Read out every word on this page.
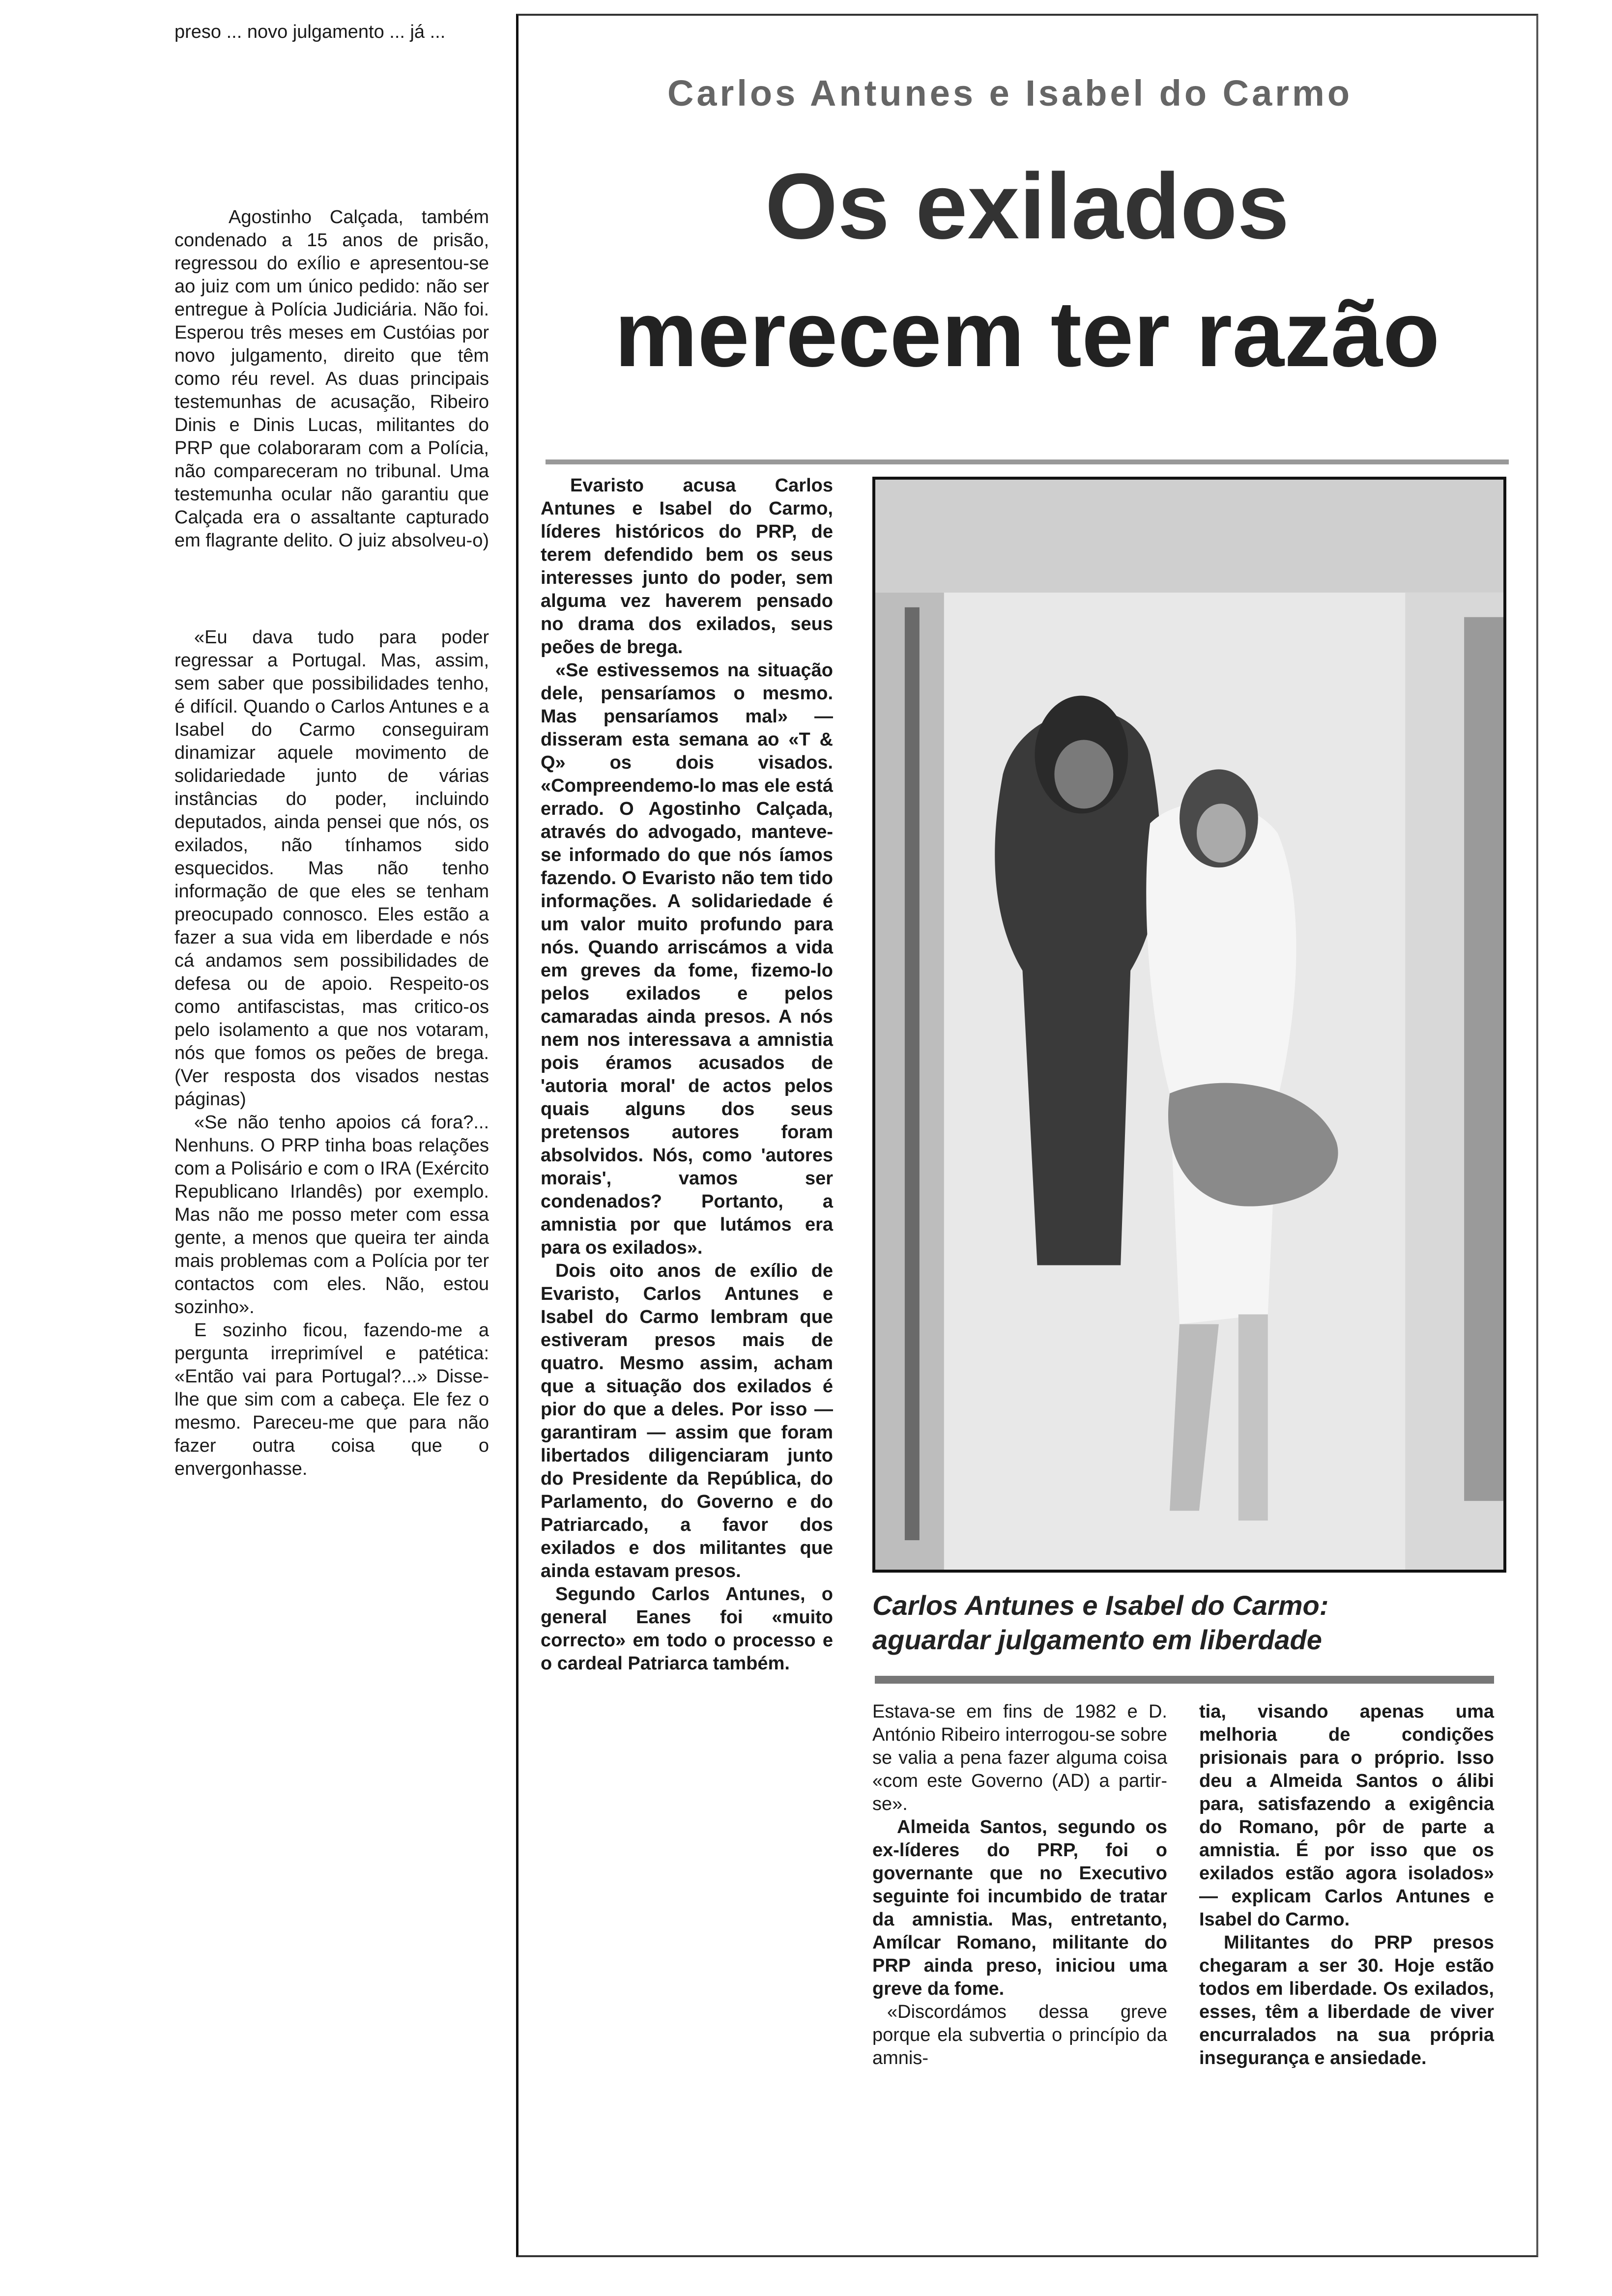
preso ... novo julgamento ... já ...

Agostinho Calçada, também condenado a 15 anos de prisão, regressou do exílio e apresentou-se ao juiz com um único pedido: não ser entregue à Polícia Judiciária. Não foi. Esperou três meses em Custóias por novo julgamento, direito que têm como réu revel. As duas principais testemunhas de acusação, Ribeiro Dinis e Dinis Lucas, militantes do PRP que colaboraram com a Polícia, não compareceram no tribunal. Uma testemunha ocular não garantiu que Calçada era o assaltante capturado em flagrante delito. O juiz absolveu-o)

«Eu dava tudo para poder regressar a Portugal. Mas, assim, sem saber que possibilidades tenho, é difícil. Quando o Carlos Antunes e a Isabel do Carmo conseguiram dinamizar aquele movimento de solidariedade junto de várias instâncias do poder, incluindo deputados, ainda pensei que nós, os exilados, não tínhamos sido esquecidos. Mas não tenho informação de que eles se tenham preocupado connosco. Eles estão a fazer a sua vida em liberdade e nós cá andamos sem possibilidades de defesa ou de apoio. Respeito-os como antifascistas, mas critico-os pelo isolamento a que nos votaram, nós que fomos os peões de brega. (Ver resposta dos visados nestas páginas)

«Se não tenho apoios cá fora?... Nenhuns. O PRP tinha boas relações com a Polisário e com o IRA (Exército Republicano Irlandês) por exemplo. Mas não me posso meter com essa gente, a menos que queira ter ainda mais problemas com a Polícia por ter contactos com eles. Não, estou sozinho».

E sozinho ficou, fazendo-me a pergunta irreprimível e patética: «Então vai para Portugal?...» Disse-lhe que sim com a cabeça. Ele fez o mesmo. Pareceu-me que para não fazer outra coisa que o envergonhasse.

Carlos Antunes e Isabel do Carmo
Os exilados
merecem ter razão

Evaristo acusa Carlos Antunes e Isabel do Carmo, líderes históricos do PRP, de terem defendido bem os seus interesses junto do poder, sem alguma vez haverem pensado no drama dos exilados, seus peões de brega.

«Se estivessemos na situação dele, pensaríamos o mesmo. Mas pensaríamos mal» — disseram esta semana ao «T & Q» os dois visados. «Compreendemo-lo mas ele está errado. O Agostinho Calçada, através do advogado, manteve-se informado do que nós íamos fazendo. O Evaristo não tem tido informações. A solidariedade é um valor muito profundo para nós. Quando arriscámos a vida em greves da fome, fizemo-lo pelos exilados e pelos camaradas ainda presos. A nós nem nos interessava a amnistia pois éramos acusados de 'autoria moral' de actos pelos quais alguns dos seus pretensos autores foram absolvidos. Nós, como 'autores morais', vamos ser condenados? Portanto, a amnistia por que lutámos era para os exilados».

Dois oito anos de exílio de Evaristo, Carlos Antunes e Isabel do Carmo lembram que estiveram presos mais de quatro. Mesmo assim, acham que a situação dos exilados é pior do que a deles. Por isso — garantiram — assim que foram libertados diligenciaram junto do Presidente da República, do Parlamento, do Governo e do Patriarcado, a favor dos exilados e dos militantes que ainda estavam presos.

Segundo Carlos Antunes, o general Eanes foi «muito correcto» em todo o processo e o cardeal Patriarca também.

Carlos Antunes e Isabel do Carmo:
aguardar julgamento em liberdade

Estava-se em fins de 1982 e D. António Ribeiro interrogou-se sobre se valia a pena fazer alguma coisa «com este Governo (AD) a partir-se».

Almeida Santos, segundo os ex-líderes do PRP, foi o governante que no Executivo seguinte foi incumbido de tratar da amnistia. Mas, entretanto, Amílcar Romano, militante do PRP ainda preso, iniciou uma greve da fome.

«Discordámos dessa greve porque ela subvertia o princípio da amnis-

tia, visando apenas uma melhoria de condições prisionais para o próprio. Isso deu a Almeida Santos o álibi para, satisfazendo a exigência do Romano, pôr de parte a amnistia. É por isso que os exilados estão agora isolados» — explicam Carlos Antunes e Isabel do Carmo.

Militantes do PRP presos chegaram a ser 30. Hoje estão todos em liberdade. Os exilados, esses, têm a liberdade de viver encurralados na sua própria insegurança e ansiedade.
